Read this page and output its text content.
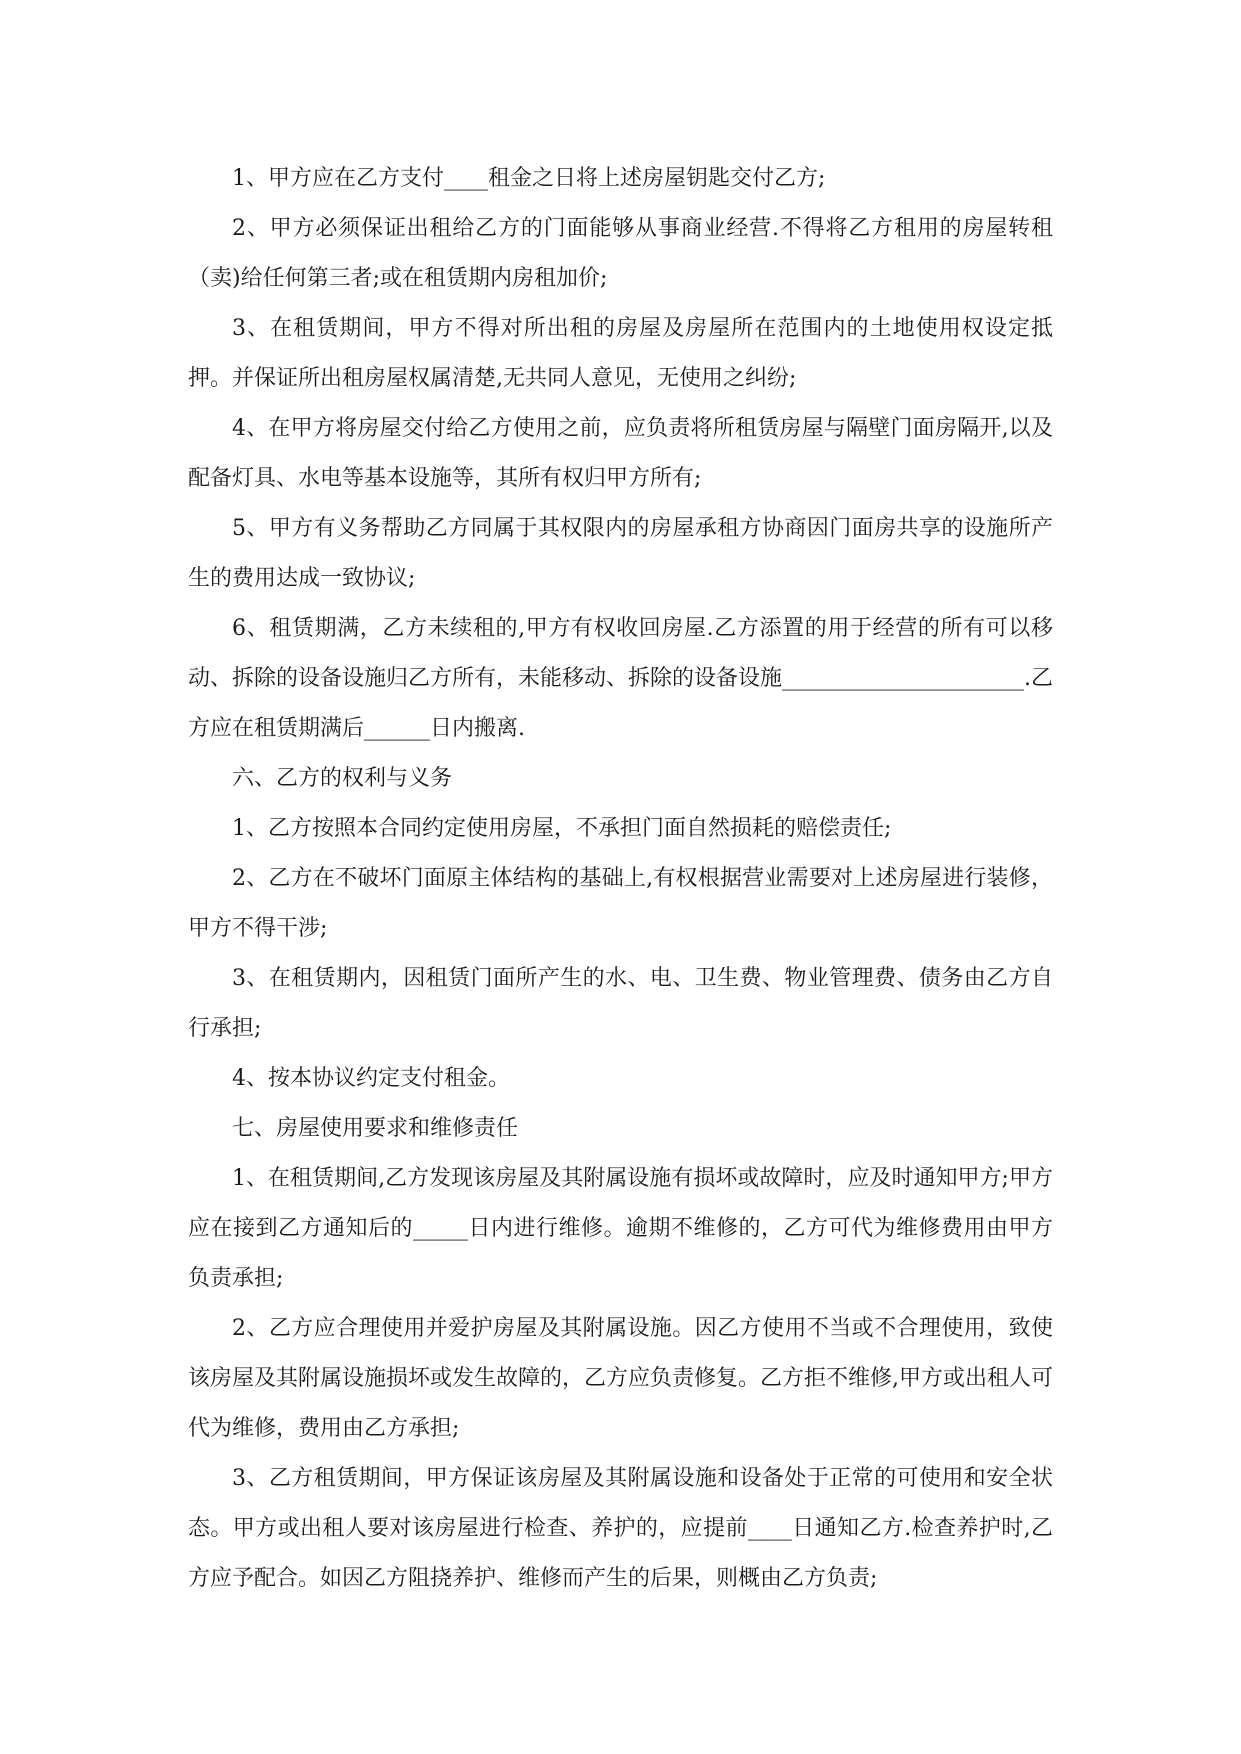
1、甲方应在乙方支付____租金之日将上述房屋钥匙交付乙方;

2、甲方必须保证出租给乙方的门面能够从事商业经营.不得将乙方租用的房屋转租（卖)给任何第三者;或在租赁期内房租加价;

3、在租赁期间，甲方不得对所出租的房屋及房屋所在范围内的土地使用权设定抵押。并保证所出租房屋权属清楚,无共同人意见，无使用之纠纷;

4、在甲方将房屋交付给乙方使用之前，应负责将所租赁房屋与隔壁门面房隔开,以及配备灯具、水电等基本设施等，其所有权归甲方所有;

5、甲方有义务帮助乙方同属于其权限内的房屋承租方协商因门面房共享的设施所产生的费用达成一致协议;

6、租赁期满，乙方未续租的,甲方有权收回房屋.乙方添置的用于经营的所有可以移动、拆除的设备设施归乙方所有，未能移动、拆除的设备设施______________________.乙方应在租赁期满后______日内搬离.

六、乙方的权利与义务

1、乙方按照本合同约定使用房屋，不承担门面自然损耗的赔偿责任;

2、乙方在不破坏门面原主体结构的基础上,有权根据营业需要对上述房屋进行装修，甲方不得干涉;

3、在租赁期内，因租赁门面所产生的水、电、卫生费、物业管理费、债务由乙方自行承担;

4、按本协议约定支付租金。

七、房屋使用要求和维修责任

1、在租赁期间,乙方发现该房屋及其附属设施有损坏或故障时，应及时通知甲方;甲方应在接到乙方通知后的_____日内进行维修。逾期不维修的，乙方可代为维修费用由甲方负责承担;

2、乙方应合理使用并爱护房屋及其附属设施。因乙方使用不当或不合理使用，致使该房屋及其附属设施损坏或发生故障的，乙方应负责修复。乙方拒不维修,甲方或出租人可代为维修，费用由乙方承担;

3、乙方租赁期间，甲方保证该房屋及其附属设施和设备处于正常的可使用和安全状态。甲方或出租人要对该房屋进行检查、养护的，应提前____日通知乙方.检查养护时,乙方应予配合。如因乙方阻挠养护、维修而产生的后果，则概由乙方负责;
